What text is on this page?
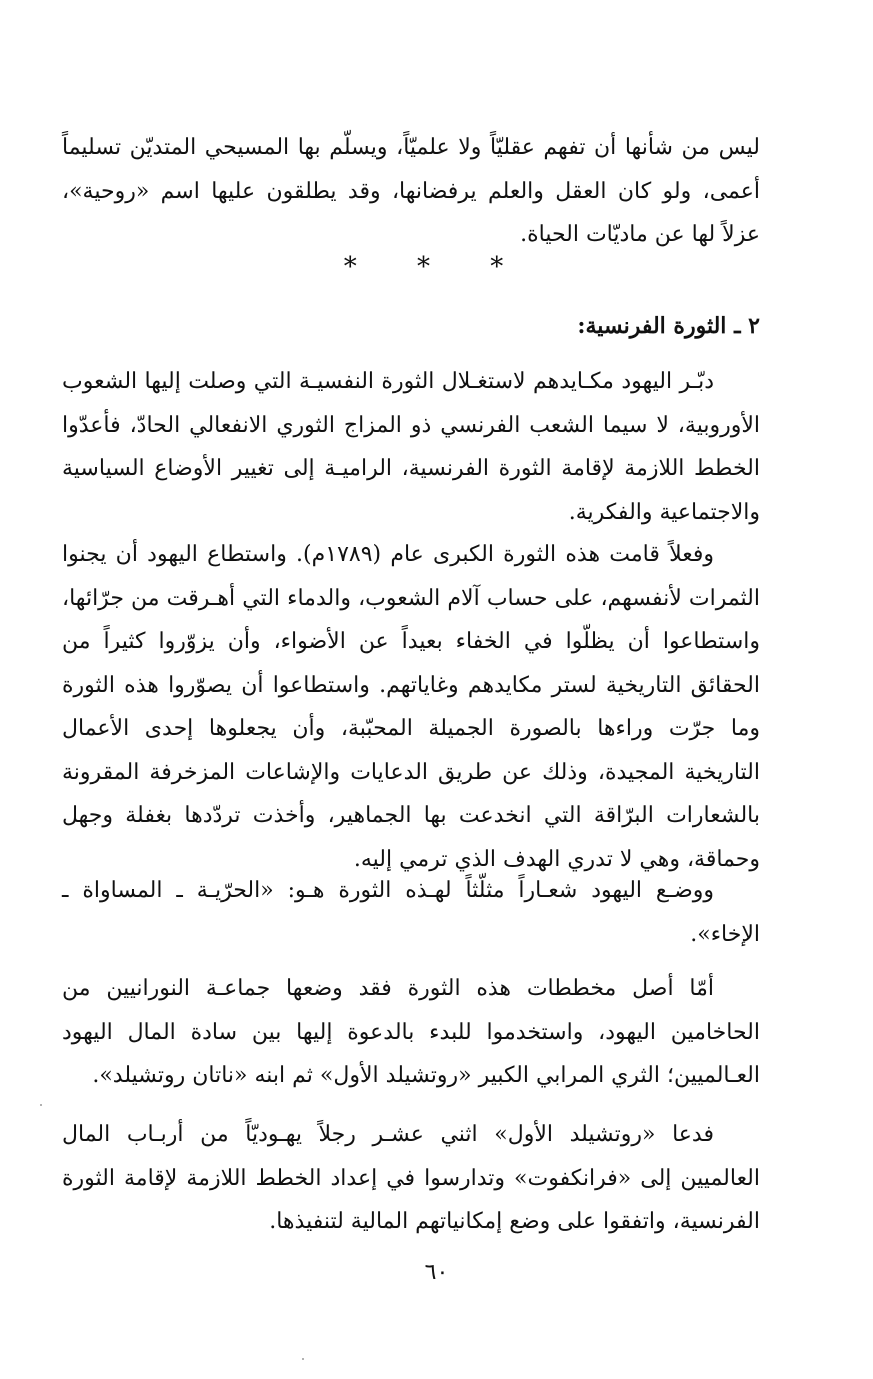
ليس من شأنها أن تفهم عقليّاً ولا علميّاً، ويسلّم بها المسيحي المتديّن تسليماً أعمى، ولو كان العقل والعلم يرفضانها، وقد يطلقون عليها اسم «روحية»، عزلاً لها عن ماديّات الحياة.

* * *
٢ ـ الثورة الفرنسية:

دبّـر اليهود مكـايدهم لاستغـلال الثورة النفسيـة التي وصلت إليها الشعوب الأوروبية، لا سيما الشعب الفرنسي ذو المزاج الثوري الانفعالي الحادّ، فأعدّوا الخطط اللازمة لإقامة الثورة الفرنسية، الراميـة إلى تغيير الأوضاع السياسية والاجتماعية والفكرية.

وفعلاً قامت هذه الثورة الكبرى عام (١٧٨٩م). واستطاع اليهود أن يجنوا الثمرات لأنفسهم، على حساب آلام الشعوب، والدماء التي أهـرقت من جرّائها، واستطاعوا أن يظلّوا في الخفاء بعيداً عن الأضواء، وأن يزوّروا كثيراً من الحقائق التاريخية لستر مكايدهم وغاياتهم. واستطاعوا أن يصوّروا هذه الثورة وما جرّت وراءها بالصورة الجميلة المحبّبة، وأن يجعلوها إحدى الأعمال التاريخية المجيدة، وذلك عن طريق الدعايات والإشاعات المزخرفة المقرونة بالشعارات البرّاقة التي انخدعت بها الجماهير، وأخذت تردّدها بغفلة وجهل وحماقة، وهي لا تدري الهدف الذي ترمي إليه.

ووضـع اليهود شعـاراً مثلّثاً لهـذه الثورة هـو: «الحرّيـة ـ المساواة ـ الإخاء».

أمّا أصل مخططات هذه الثورة فقد وضعها جماعـة النورانيين من الحاخامين اليهود، واستخدموا للبدء بالدعوة إليها بين سادة المال اليهود العـالميين؛ الثري المرابي الكبير «روتشيلد الأول» ثم ابنه «ناتان روتشيلد».

فدعا «روتشيلد الأول» اثني عشـر رجلاً يهـوديّاً من أربـاب المال العالميين إلى «فرانكفوت» وتدارسوا في إعداد الخطط اللازمة لإقامة الثورة الفرنسية، واتفقوا على وضع إمكانياتهم المالية لتنفيذها.

٦٠
